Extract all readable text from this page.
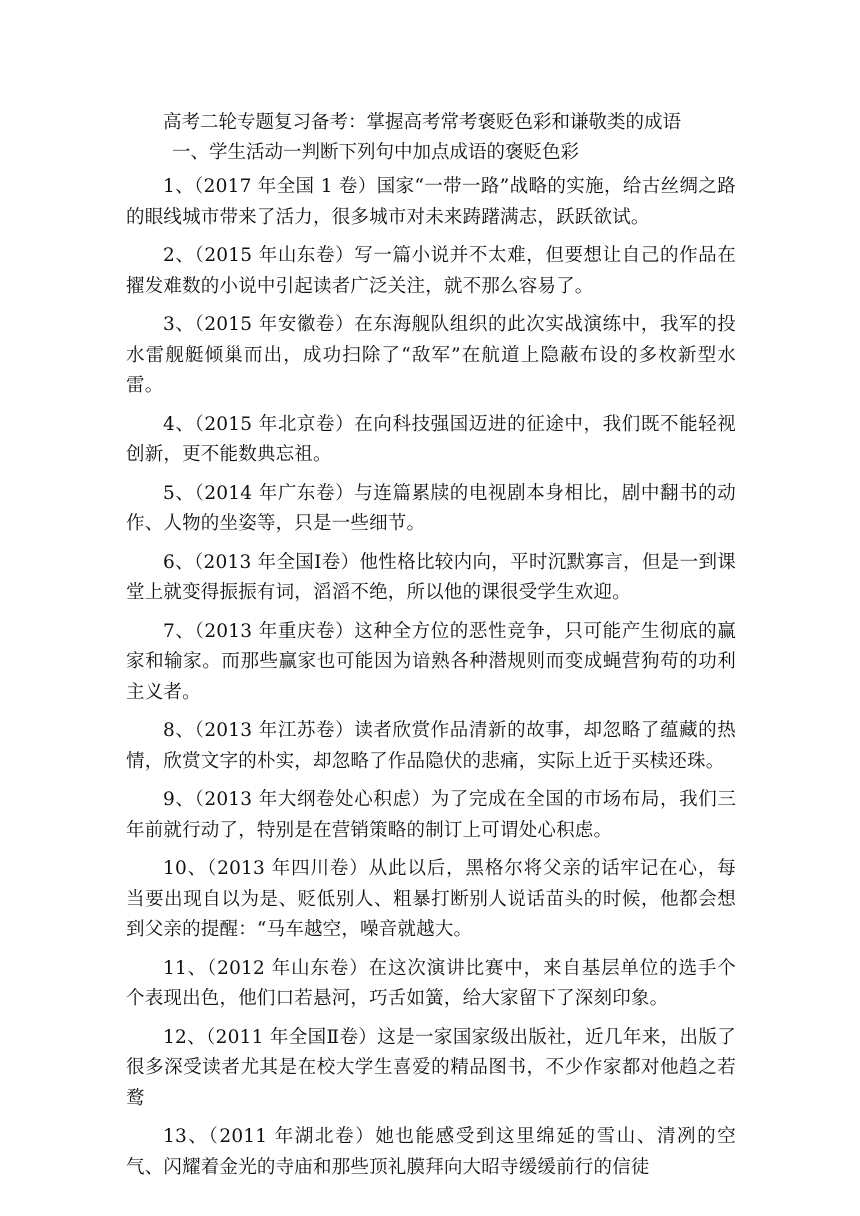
高考二轮专题复习备考：掌握高考常考褒贬色彩和谦敬类的成语

一、学生活动一判断下列句中加点成语的褒贬色彩

1、（2017 年全国 1 卷）国家“一带一路”战略的实施，给古丝绸之路的眼线城市带来了活力，很多城市对未来踌躇满志，跃跃欲试。

2、（2015 年山东卷）写一篇小说并不太难，但要想让自己的作品在擢发难数的小说中引起读者广泛关注，就不那么容易了。

3、（2015 年安徽卷）在东海舰队组织的此次实战演练中，我军的投水雷舰艇倾巢而出，成功扫除了“敌军”在航道上隐蔽布设的多枚新型水雷。

4、（2015 年北京卷）在向科技强国迈进的征途中，我们既不能轻视创新，更不能数典忘祖。

5、（2014 年广东卷）与连篇累牍的电视剧本身相比，剧中翻书的动作、人物的坐姿等，只是一些细节。

6、（2013 年全国Ⅰ卷）他性格比较内向，平时沉默寡言，但是一到课堂上就变得振振有词，滔滔不绝，所以他的课很受学生欢迎。

7、（2013 年重庆卷）这种全方位的恶性竞争，只可能产生彻底的赢家和输家。而那些赢家也可能因为谙熟各种潜规则而变成蝇营狗苟的功利主义者。

8、（2013 年江苏卷）读者欣赏作品清新的故事，却忽略了蕴藏的热情，欣赏文字的朴实，却忽略了作品隐伏的悲痛，实际上近于买椟还珠。

9、（2013 年大纲卷处心积虑）为了完成在全国的市场布局，我们三年前就行动了，特别是在营销策略的制订上可谓处心积虑。

10、（2013 年四川卷）从此以后，黑格尔将父亲的话牢记在心，每当要出现自以为是、贬低别人、粗暴打断别人说话苗头的时候，他都会想到父亲的提醒：“马车越空，噪音就越大。

11、（2012 年山东卷）在这次演讲比赛中，来自基层单位的选手个个表现出色，他们口若悬河，巧舌如簧，给大家留下了深刻印象。

12、（2011 年全国Ⅱ卷）这是一家国家级出版社，近几年来，出版了很多深受读者尤其是在校大学生喜爱的精品图书，不少作家都对他趋之若鹜

13、（2011 年湖北卷）她也能感受到这里绵延的雪山、清冽的空气、闪耀着金光的寺庙和那些顶礼膜拜向大昭寺缓缓前行的信徒
